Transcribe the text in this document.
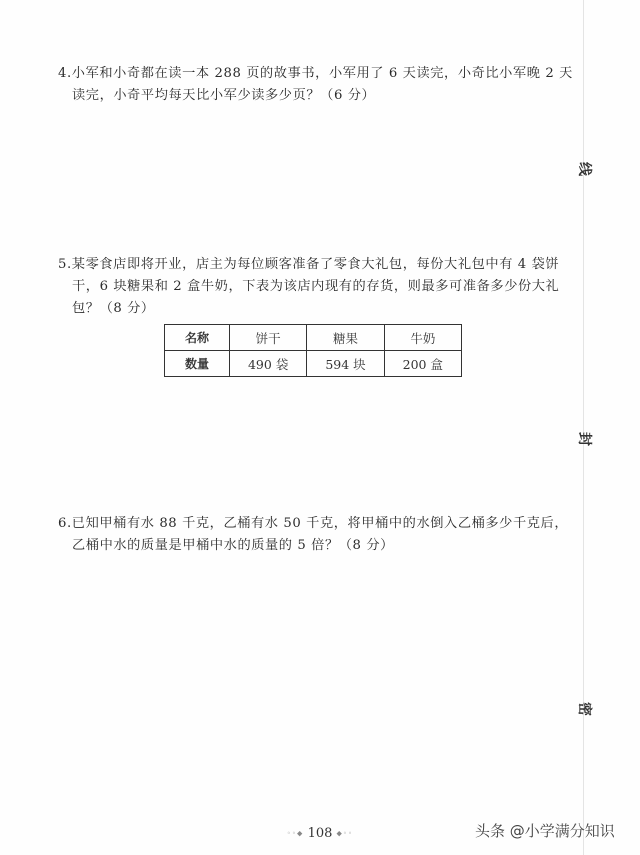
线
封
密
4.小军和小奇都在读一本 288 页的故事书，小军用了 6 天读完，小奇比小军晚 2 天
读完，小奇平均每天比小军少读多少页？（6 分）
5.某零食店即将开业，店主为每位顾客准备了零食大礼包，每份大礼包中有 4 袋饼
干，6 块糖果和 2 盒牛奶，下表为该店内现有的存货，则最多可准备多少份大礼
包？（8 分）
名称	饼干	糖果	牛奶
数量	490 袋	594 块	200 盒
6.已知甲桶有水 88 千克，乙桶有水 50 千克，将甲桶中的水倒入乙桶多少千克后，
乙桶中水的质量是甲桶中水的质量的 5 倍？（8 分）
◦◦◆ 108 ◆◦◦	头条 @小学满分知识
